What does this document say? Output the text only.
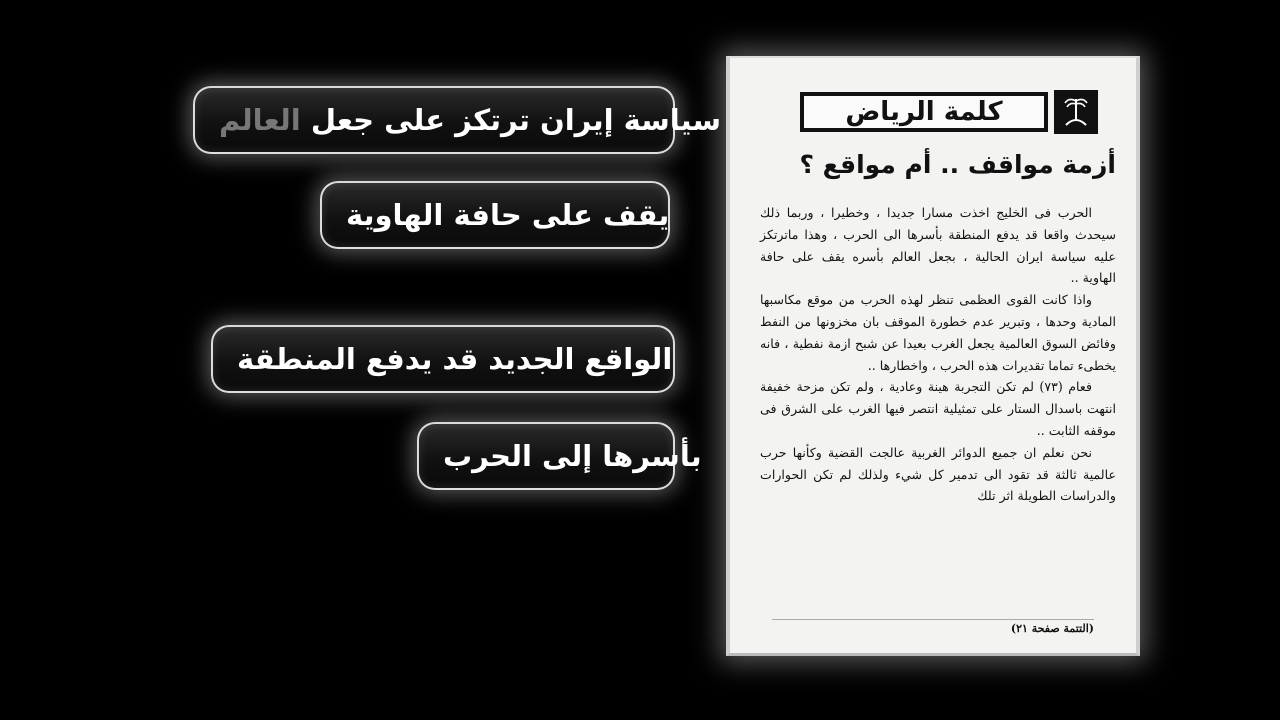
سياسة إيران ترتكز على جعل

العالم
يقف على حافة الهاوية
الواقع الجديد قد يدفع المنطقة
بأسرها إلى الحرب
كلمة الرياض
أزمة مواقف .. أم مواقع ؟

الحرب فى الخليج اخذت مسارا جديدا ، وخطيرا ، وربما ذلك سيحدث واقعا قد يدفع المنطقة بأسرها الى الحرب ، وهذا ماترتكز عليه سياسة ايران الحالية ، بجعل العالم بأسره يقف على حافة الهاوية ..

واذا كانت القوى العظمى تنظر لهذه الحرب من موقع مكاسبها المادية وحدها ، وتبرير عدم خطورة الموقف بان مخزونها من النفط وفائض السوق العالمية يجعل الغرب بعيدا عن شبح ازمة نفطية ، فانه يخطىء تماما تقديرات هذه الحرب ، واخطارها ..

فعام (٧٣) لم تكن التجربة هينة وعادية ، ولم تكن مزحة خفيفة انتهت باسدال الستار على تمثيلية انتصر فيها الغرب على الشرق فى موقفه الثابت ..

نحن نعلم ان جميع الدوائر الغربية عالجت القضية وكأنها حرب عالمية ثالثة قد تقود الى تدمير كل شيء ولذلك لم تكن الحوارات والدراسات الطويلة اثر تلك

(التتمة صفحة ٢١)
